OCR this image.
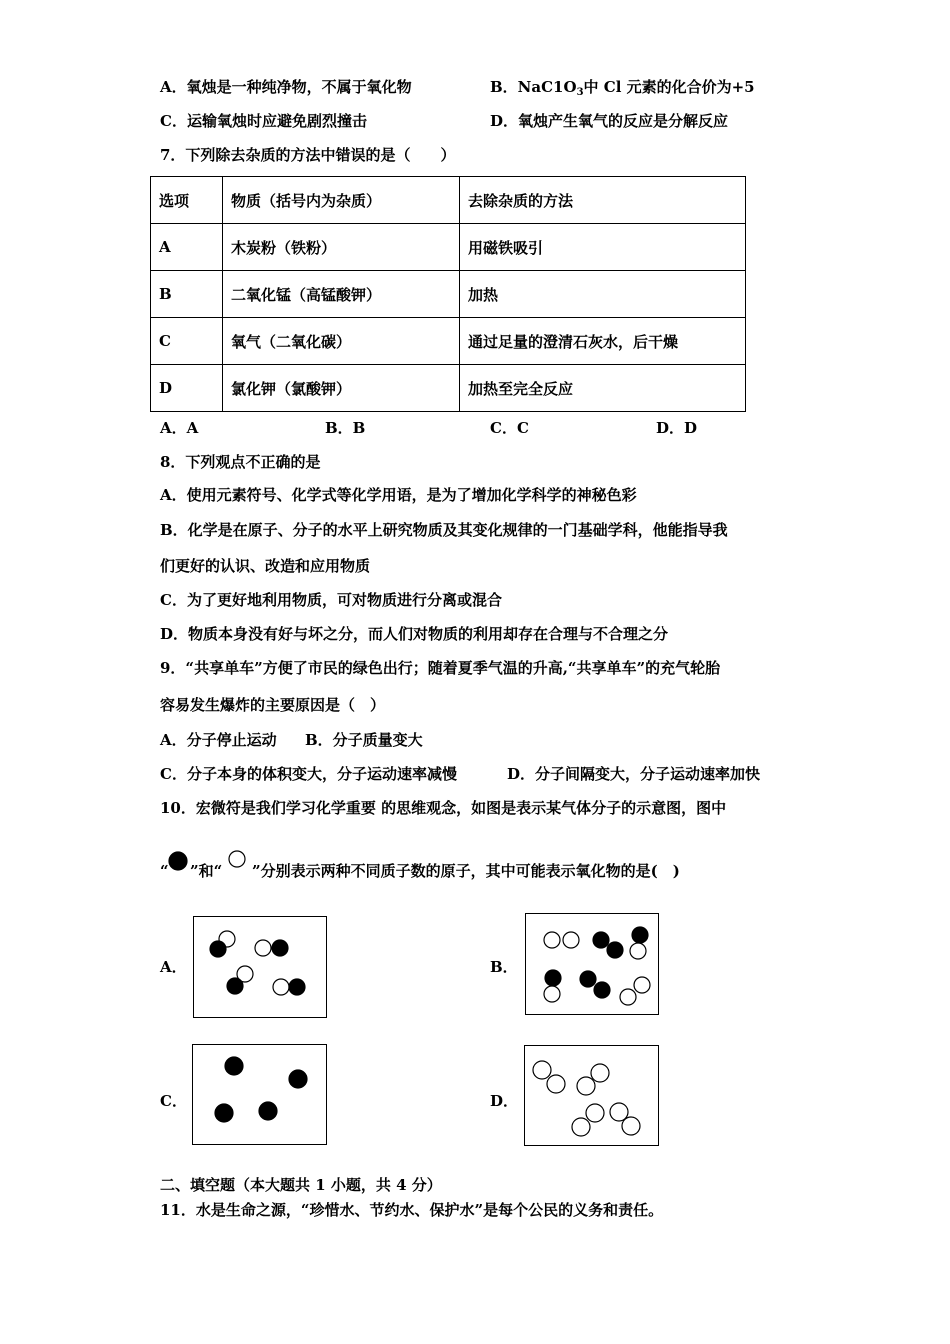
A．氧烛是一种纯净物，不属于氧化物	B．$NaC1O_3$中 Cl 元素的化合价为+5
C．运输氧烛时应避免剧烈撞击	D．氧烛产生氧气的反应是分解反应
7．下列除去杂质的方法中错误的是（　　）
选项	物质（括号内为杂质）	去除杂质的方法
A	木炭粉（铁粉）	用磁铁吸引
B	二氧化锰（高锰酸钾）	加热
C	氧气（二氧化碳）	通过足量的澄清石灰水，后干燥
D	氯化钾（氯酸钾）	加热至完全反应
A．A	B．B	C．C	D．D
8．下列观点不正确的是
A．使用元素符号、化学式等化学用语，是为了增加化学科学的神秘色彩
B．化学是在原子、分子的水平上研究物质及其变化规律的一门基础学科，他能指导我
们更好的认识、改造和应用物质
C．为了更好地利用物质，可对物质进行分离或混合
D．物质本身没有好与坏之分，而人们对物质的利用却存在合理与不合理之分
9．“共享单车”方便了市民的绿色出行；随着夏季气温的升高,“共享单车”的充气轮胎
容易发生爆炸的主要原因是（　）
A．分子停止运动 B．分子质量变大
C．分子本身的体积变大，分子运动速率减慢	D．分子间隔变大，分子运动速率加快
10．宏微符是我们学习化学重要 的思维观念，如图是表示某气体分子的示意图，图中
“ ”和“ ”分别表示两种不同质子数的原子，其中可能表示氧化物的是(　)
A．	B．
C．	D．
二、填空题（本大题共 1 小题，共 4 分）
11．水是生命之源，“珍惜水、节约水、保护水”是每个公民的义务和责任。
